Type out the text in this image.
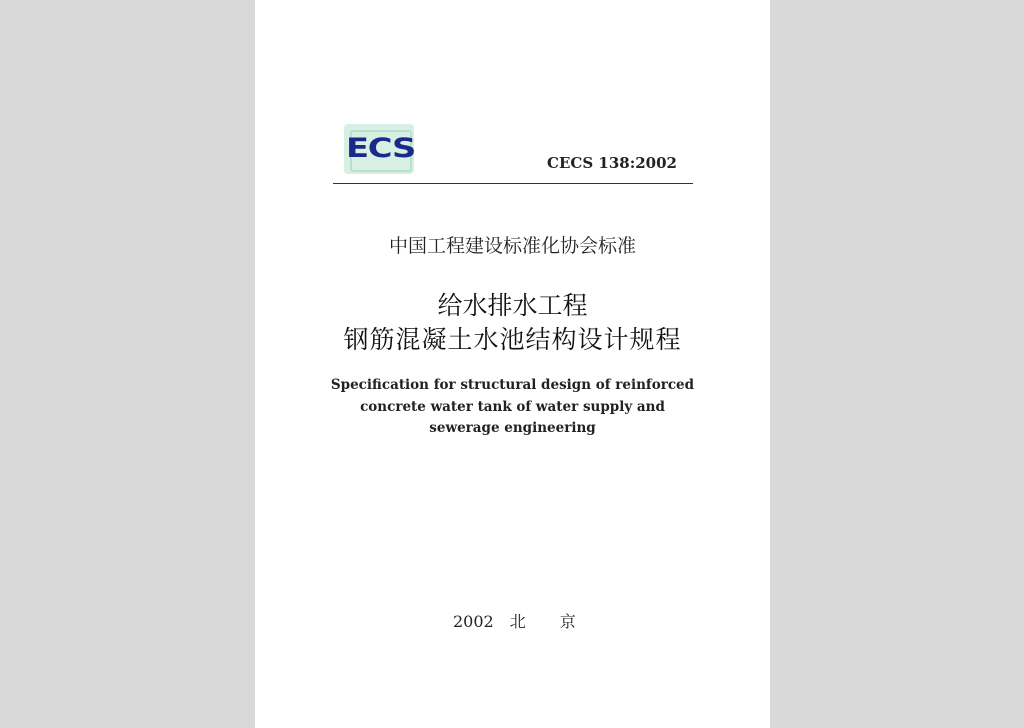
ECS	CECS 138:2002
中国工程建设标准化协会标准
给水排水工程
钢筋混凝土水池结构设计规程
Specification for structural design of reinforced
concrete water tank of water supply and
sewerage engineering
2002 北 京
